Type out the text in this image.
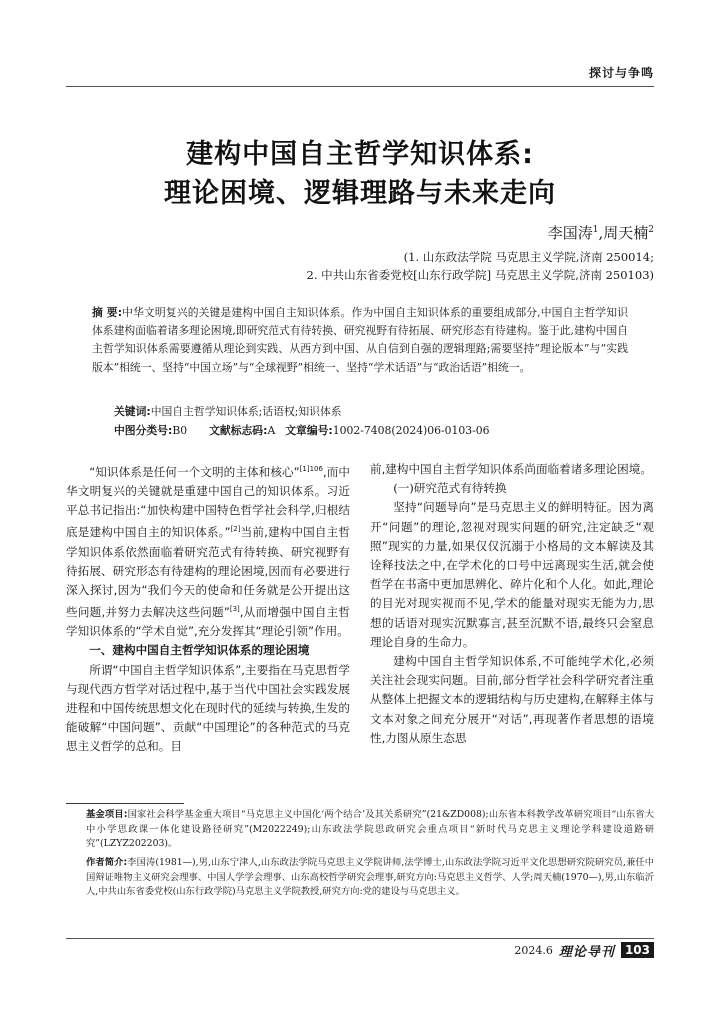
探讨与争鸣
建构中国自主哲学知识体系:
理论困境、逻辑理路与未来走向
李国涛$^1$,周天楠$^2$
(1. 山东政法学院 马克思主义学院,济南 250014;
2. 中共山东省委党校[山东行政学院] 马克思主义学院,济南 250103)
摘 要:中华文明复兴的关键是建构中国自主知识体系。作为中国自主知识体系的重要组成部分,中国自主哲学知识体系建构面临着诸多理论困境,即研究范式有待转换、研究视野有待拓展、研究形态有待建构。鉴于此,建构中国自主哲学知识体系需要遵循从理论到实践、从西方到中国、从自信到自强的逻辑理路;需要坚持“理论版本”与“实践版本”相统一、坚持“中国立场”与“全球视野”相统一、坚持“学术话语”与“政治话语”相统一。
关键词:中国自主哲学知识体系;话语权;知识体系
中图分类号:B0 文献标志码:A 文章编号:1002-7408(2024)06-0103-06

“知识体系是任何一个文明的主体和核心”$^{[1]106}$,而中华文明复兴的关键就是重建中国自己的知识体系。习近平总书记指出:“加快构建中国特色哲学社会科学,归根结底是建构中国自主的知识体系。”[2]当前,建构中国自主哲学知识体系依然面临着研究范式有待转换、研究视野有待拓展、研究形态有待建构的理论困境,因而有必要进行深入探讨,因为“我们今天的使命和任务就是公开提出这些问题,并努力去解决这些问题”[3],从而增强中国自主哲学知识体系的“学术自觉”,充分发挥其“理论引领”作用。

一、建构中国自主哲学知识体系的理论困境

所谓“中国自主哲学知识体系”,主要指在马克思哲学与现代西方哲学对话过程中,基于当代中国社会实践发展进程和中国传统思想文化在现时代的延续与转换,生发的能破解“中国问题”、贡献“中国理论”的各种范式的马克思主义哲学的总和。目

前,建构中国自主哲学知识体系尚面临着诸多理论困境。

(一)研究范式有待转换

坚持“问题导向”是马克思主义的鲜明特征。因为离开“问题”的理论,忽视对现实问题的研究,注定缺乏“观照”现实的力量,如果仅仅沉溺于小格局的文本解读及其诠释技法之中,在学术化的口号中远离现实生活,就会使哲学在书斋中更加思辨化、碎片化和个人化。如此,理论的目光对现实视而不见,学术的能量对现实无能为力,思想的话语对现实沉默寡言,甚至沉默不语,最终只会窒息理论自身的生命力。

建构中国自主哲学知识体系,不可能纯学术化,必须关注社会现实问题。目前,部分哲学社会科学研究者注重从整体上把握文本的逻辑结构与历史建构,在解释主体与文本对象之间充分展开“对话”,再现著作者思想的语境性,力图从原生态思

基金项目:国家社会科学基金重大项目“马克思主义中国化‘两个结合’及其关系研究”(21&ZD008);山东省本科教学改革研究项目“山东省大中小学思政课一体化建设路径研究”(M2022249);山东政法学院思政研究会重点项目“新时代马克思主义理论学科建设道路研究”(LZYZ202203)。
作者简介:李国涛(1981—),男,山东宁津人,山东政法学院马克思主义学院讲师,法学博士,山东政法学院习近平文化思想研究院研究员,兼任中国辩证唯物主义研究会理事、中国人学学会理事、山东高校哲学研究会理事,研究方向:马克思主义哲学、人学;周天楠(1970—),男,山东临沂人,中共山东省委党校(山东行政学院)马克思主义学院教授,研究方向:党的建设与马克思主义。
2024.6 理论导刊 103
